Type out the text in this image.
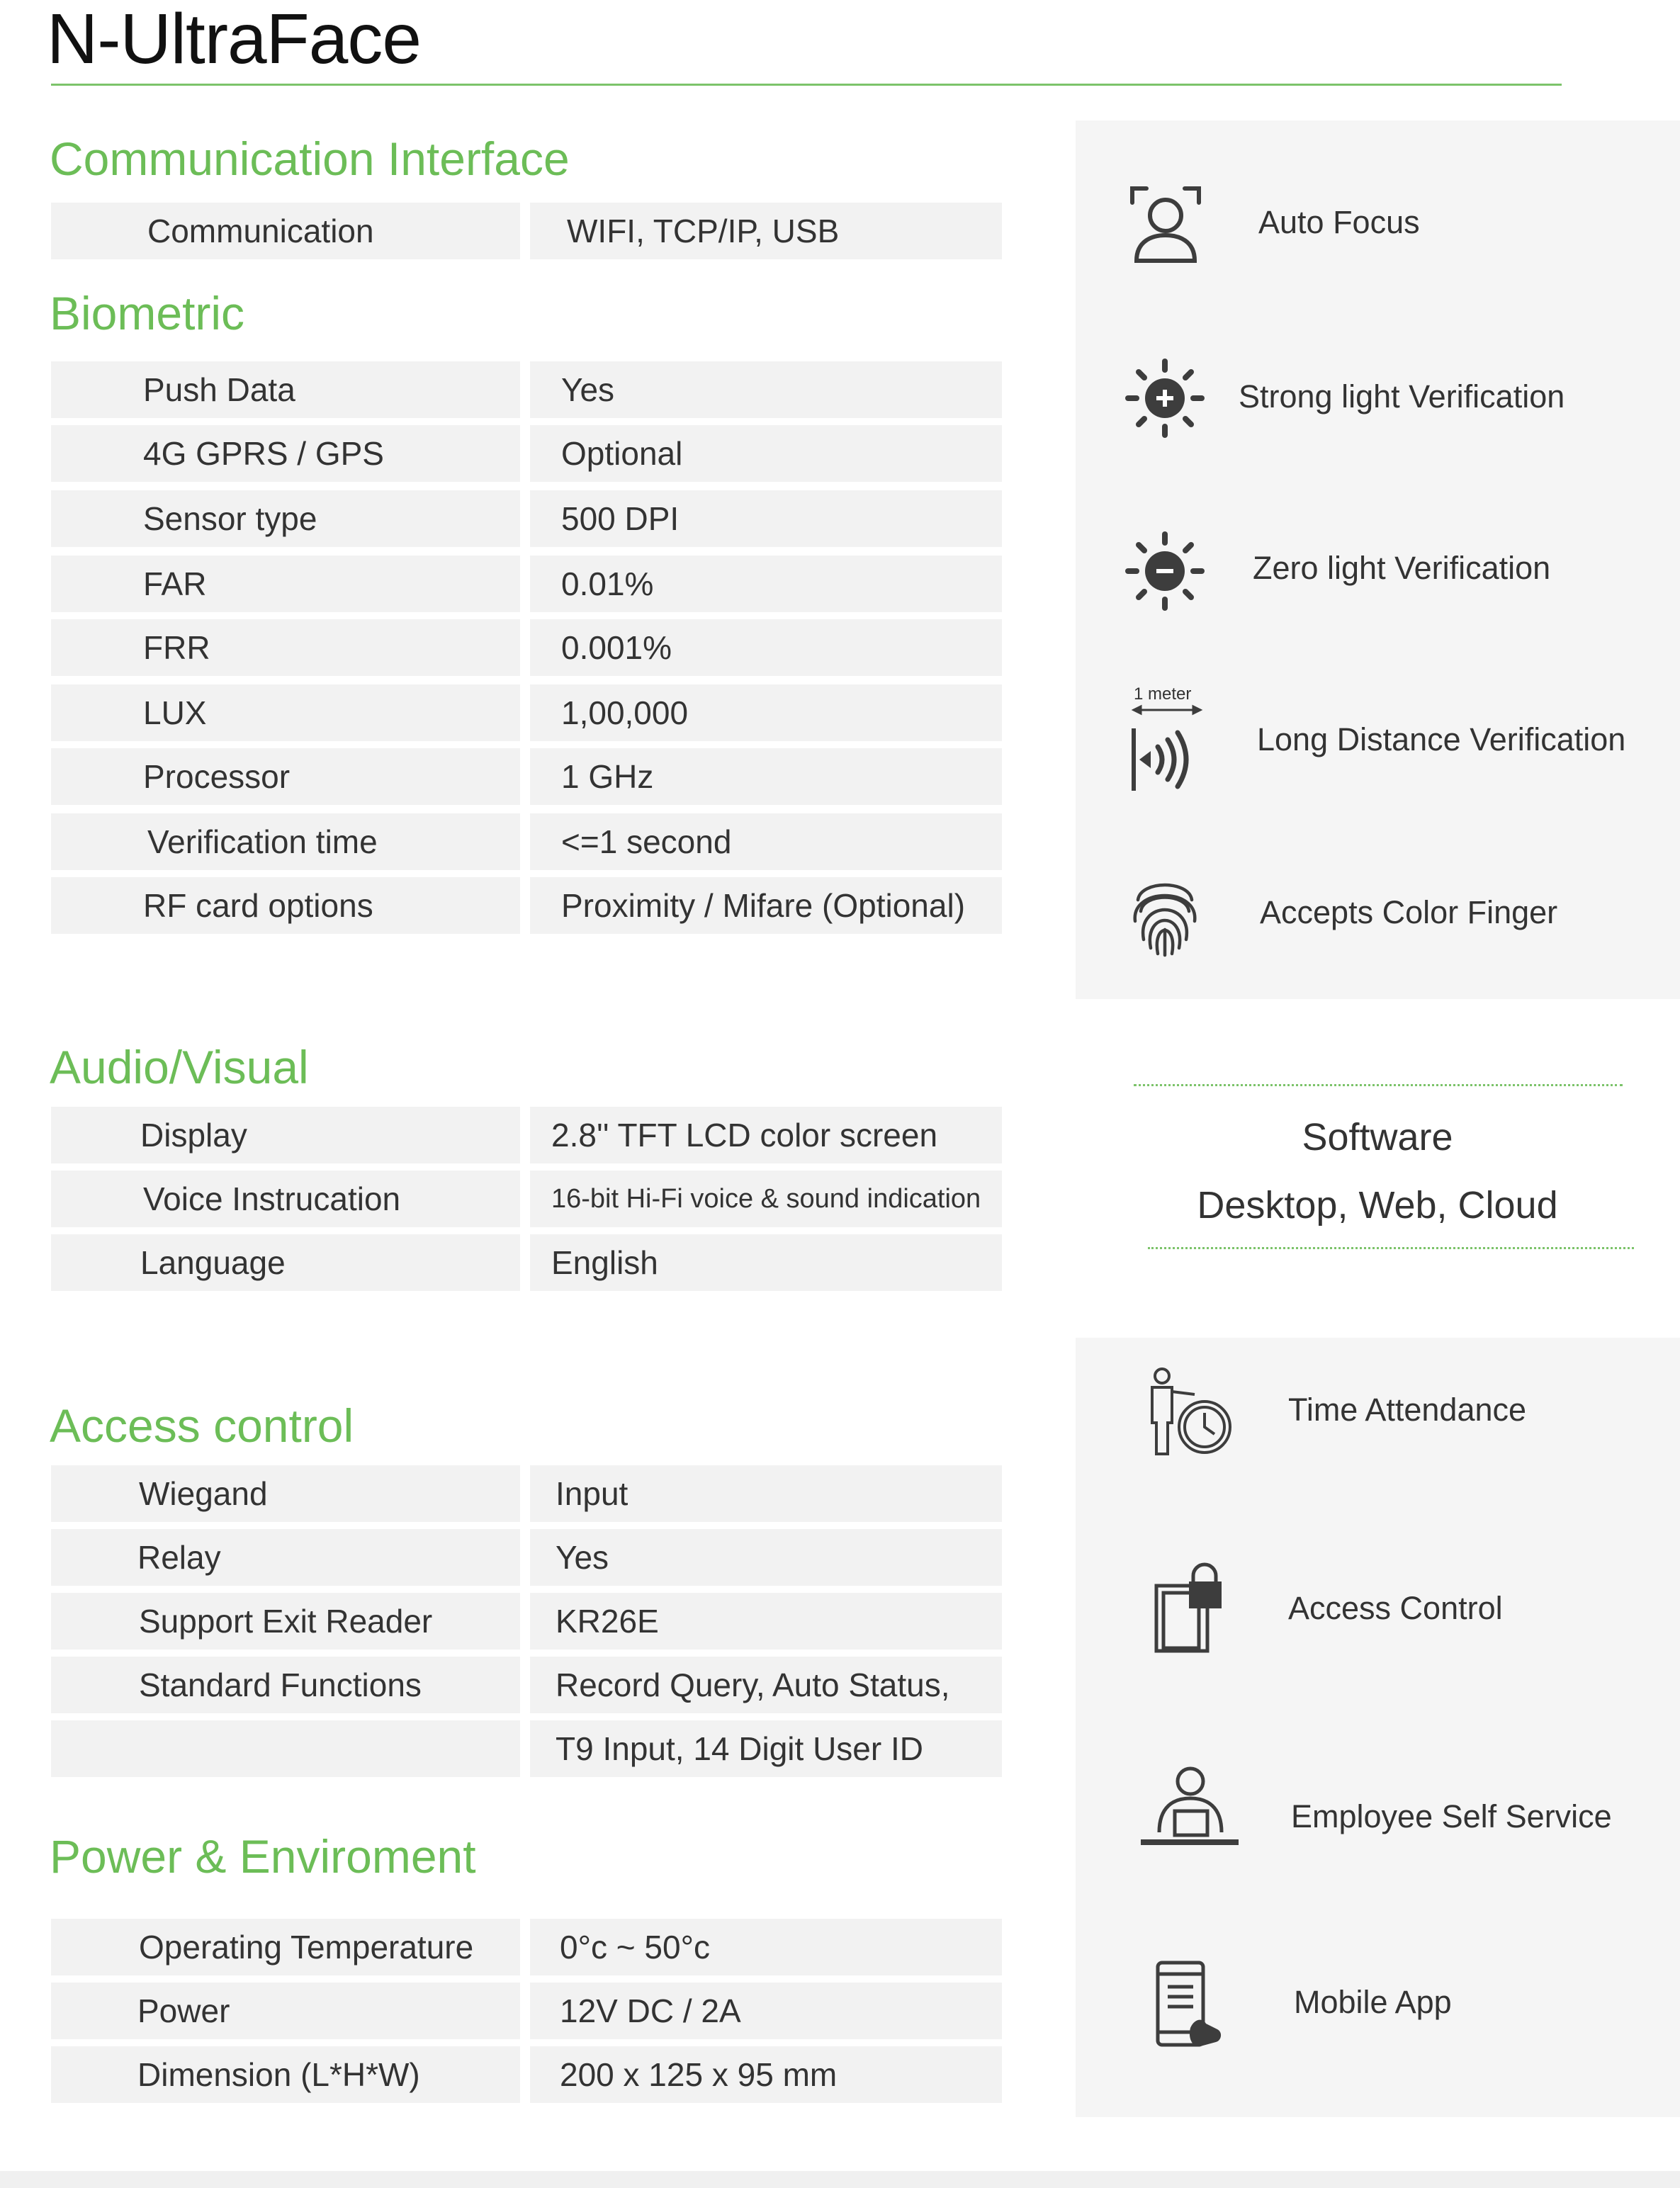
N-UltraFace
Communication Interface
Communication	WIFI, TCP/IP, USB
Biometric
Push Data	Yes
4G GPRS / GPS	Optional
Sensor type	500 DPI
FAR	0.01%
FRR	0.001%
LUX	1,00,000
Processor	1 GHz
Verification time	<=1 second
RF card options	Proximity / Mifare (Optional)
Audio/Visual
Display	2.8'' TFT LCD color screen
Voice Instrucation	16-bit Hi-Fi voice & sound indication
Language	English
Access control
Wiegand	Input
Relay	Yes
Support Exit Reader	KR26E
Standard Functions	Record Query, Auto Status,
T9 Input, 14 Digit User ID
Power & Enviroment
Operating Temperature	0°c ~ 50°c
Power	12V DC / 2A
Dimension (L*H*W)	200 x 125 x 95 mm
Auto Focus
Strong light Verification
Zero light Verification
1 meter
Long Distance Verification
Accepts Color Finger
Software
Desktop, Web, Cloud
Time Attendance
Access Control
Employee Self Service
Mobile App
